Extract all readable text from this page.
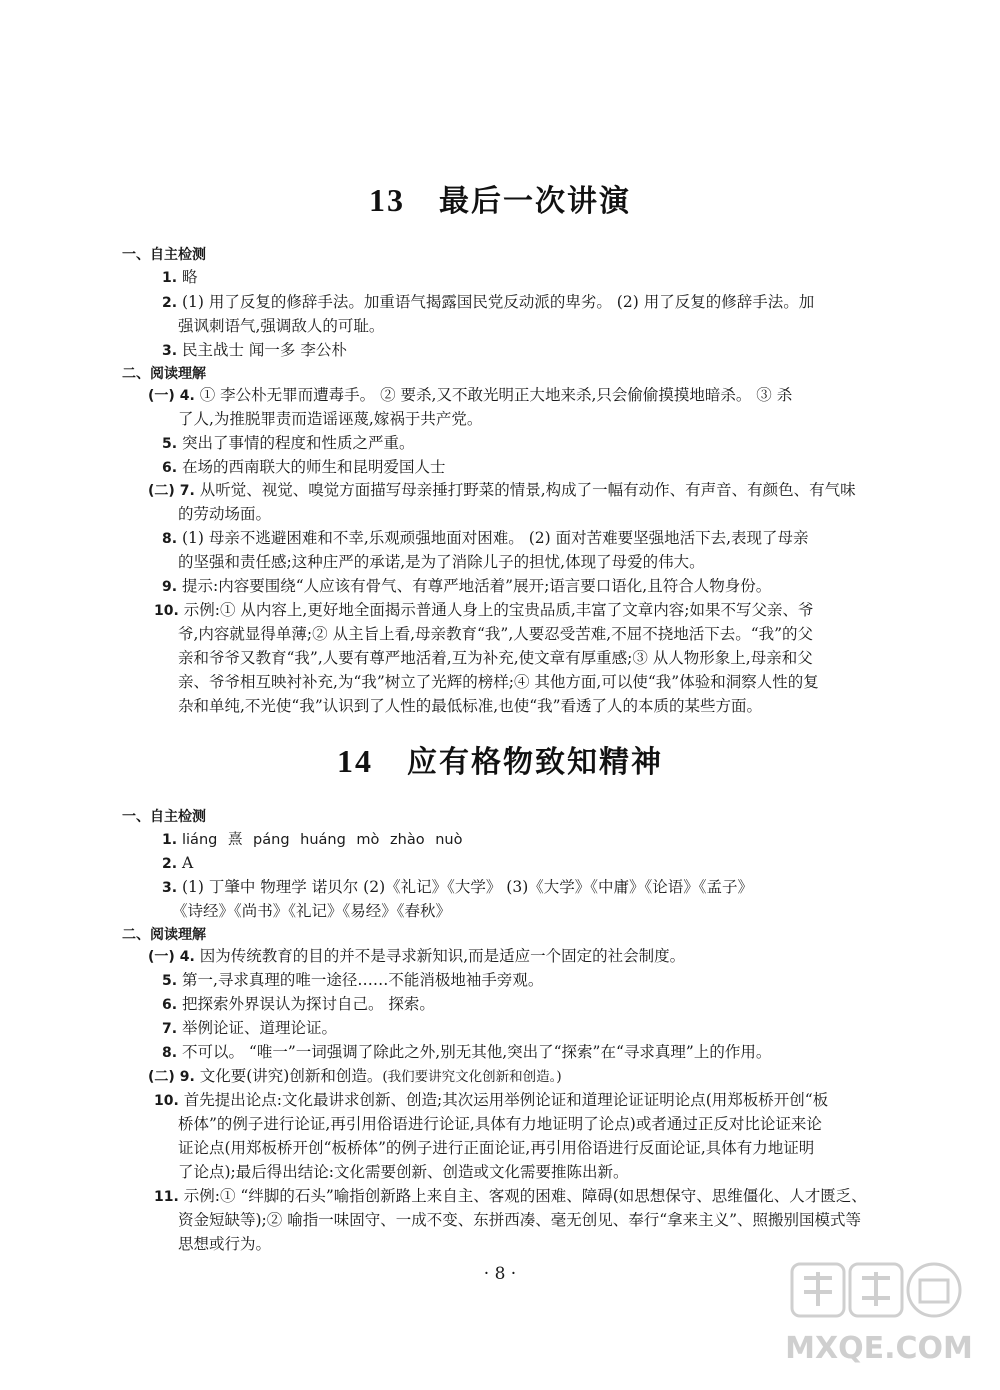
13 最后一次讲演
一、自主检测
1. 略
2. (1) 用了反复的修辞手法。加重语气揭露国民党反动派的卑劣。 (2) 用了反复的修辞手法。加
强讽刺语气,强调敌人的可耻。
3. 民主战士 闻一多 李公朴
二、阅读理解
(一) 4. ① 李公朴无罪而遭毒手。 ② 要杀,又不敢光明正大地来杀,只会偷偷摸摸地暗杀。 ③ 杀
了人,为推脱罪责而造谣诬蔑,嫁祸于共产党。
5. 突出了事情的程度和性质之严重。
6. 在场的西南联大的师生和昆明爱国人士
(二) 7. 从听觉、视觉、嗅觉方面描写母亲捶打野菜的情景,构成了一幅有动作、有声音、有颜色、有气味
的劳动场面。
8. (1) 母亲不逃避困难和不幸,乐观顽强地面对困难。 (2) 面对苦难要坚强地活下去,表现了母亲
的坚强和责任感;这种庄严的承诺,是为了消除儿子的担忧,体现了母爱的伟大。
9. 提示:内容要围绕“人应该有骨气、有尊严地活着”展开;语言要口语化,且符合人物身份。
10. 示例:① 从内容上,更好地全面揭示普通人身上的宝贵品质,丰富了文章内容;如果不写父亲、爷
爷,内容就显得单薄;② 从主旨上看,母亲教育“我”,人要忍受苦难,不屈不挠地活下去。“我”的父
亲和爷爷又教育“我”,人要有尊严地活着,互为补充,使文章有厚重感;③ 从人物形象上,母亲和父
亲、爷爷相互映衬补充,为“我”树立了光辉的榜样;④ 其他方面,可以使“我”体验和洞察人性的复
杂和单纯,不光使“我”认识到了人性的最低标准,也使“我”看透了人的本质的某些方面。
14 应有格物致知精神
一、自主检测
1. liáng 熹 páng huáng mò zhào nuò
2. A
3. (1) 丁肇中 物理学 诺贝尔 (2)《礼记》《大学》 (3)《大学》《中庸》《论语》《孟子》
《诗经》《尚书》《礼记》《易经》《春秋》
二、阅读理解
(一) 4. 因为传统教育的目的并不是寻求新知识,而是适应一个固定的社会制度。
5. 第一,寻求真理的唯一途径……不能消极地袖手旁观。
6. 把探索外界误认为探讨自己。 探索。
7. 举例论证、道理论证。
8. 不可以。 “唯一”一词强调了除此之外,别无其他,突出了“探索”在“寻求真理”上的作用。
(二) 9. 文化要(讲究)创新和创造。(我们要讲究文化创新和创造。)
10. 首先提出论点:文化最讲求创新、创造;其次运用举例论证和道理论证证明论点(用郑板桥开创“板
桥体”的例子进行论证,再引用俗语进行论证,具体有力地证明了论点)或者通过正反对比论证来论
证论点(用郑板桥开创“板桥体”的例子进行正面论证,再引用俗语进行反面论证,具体有力地证明
了论点);最后得出结论:文化需要创新、创造或文化需要推陈出新。
11. 示例:① “绊脚的石头”喻指创新路上来自主、客观的困难、障碍(如思想保守、思维僵化、人才匮乏、
资金短缺等);② 喻指一味固守、一成不变、东拼西凑、毫无创见、奉行“拿来主义”、照搬别国模式等
思想或行为。
· 8 ·
MXQE.COM
